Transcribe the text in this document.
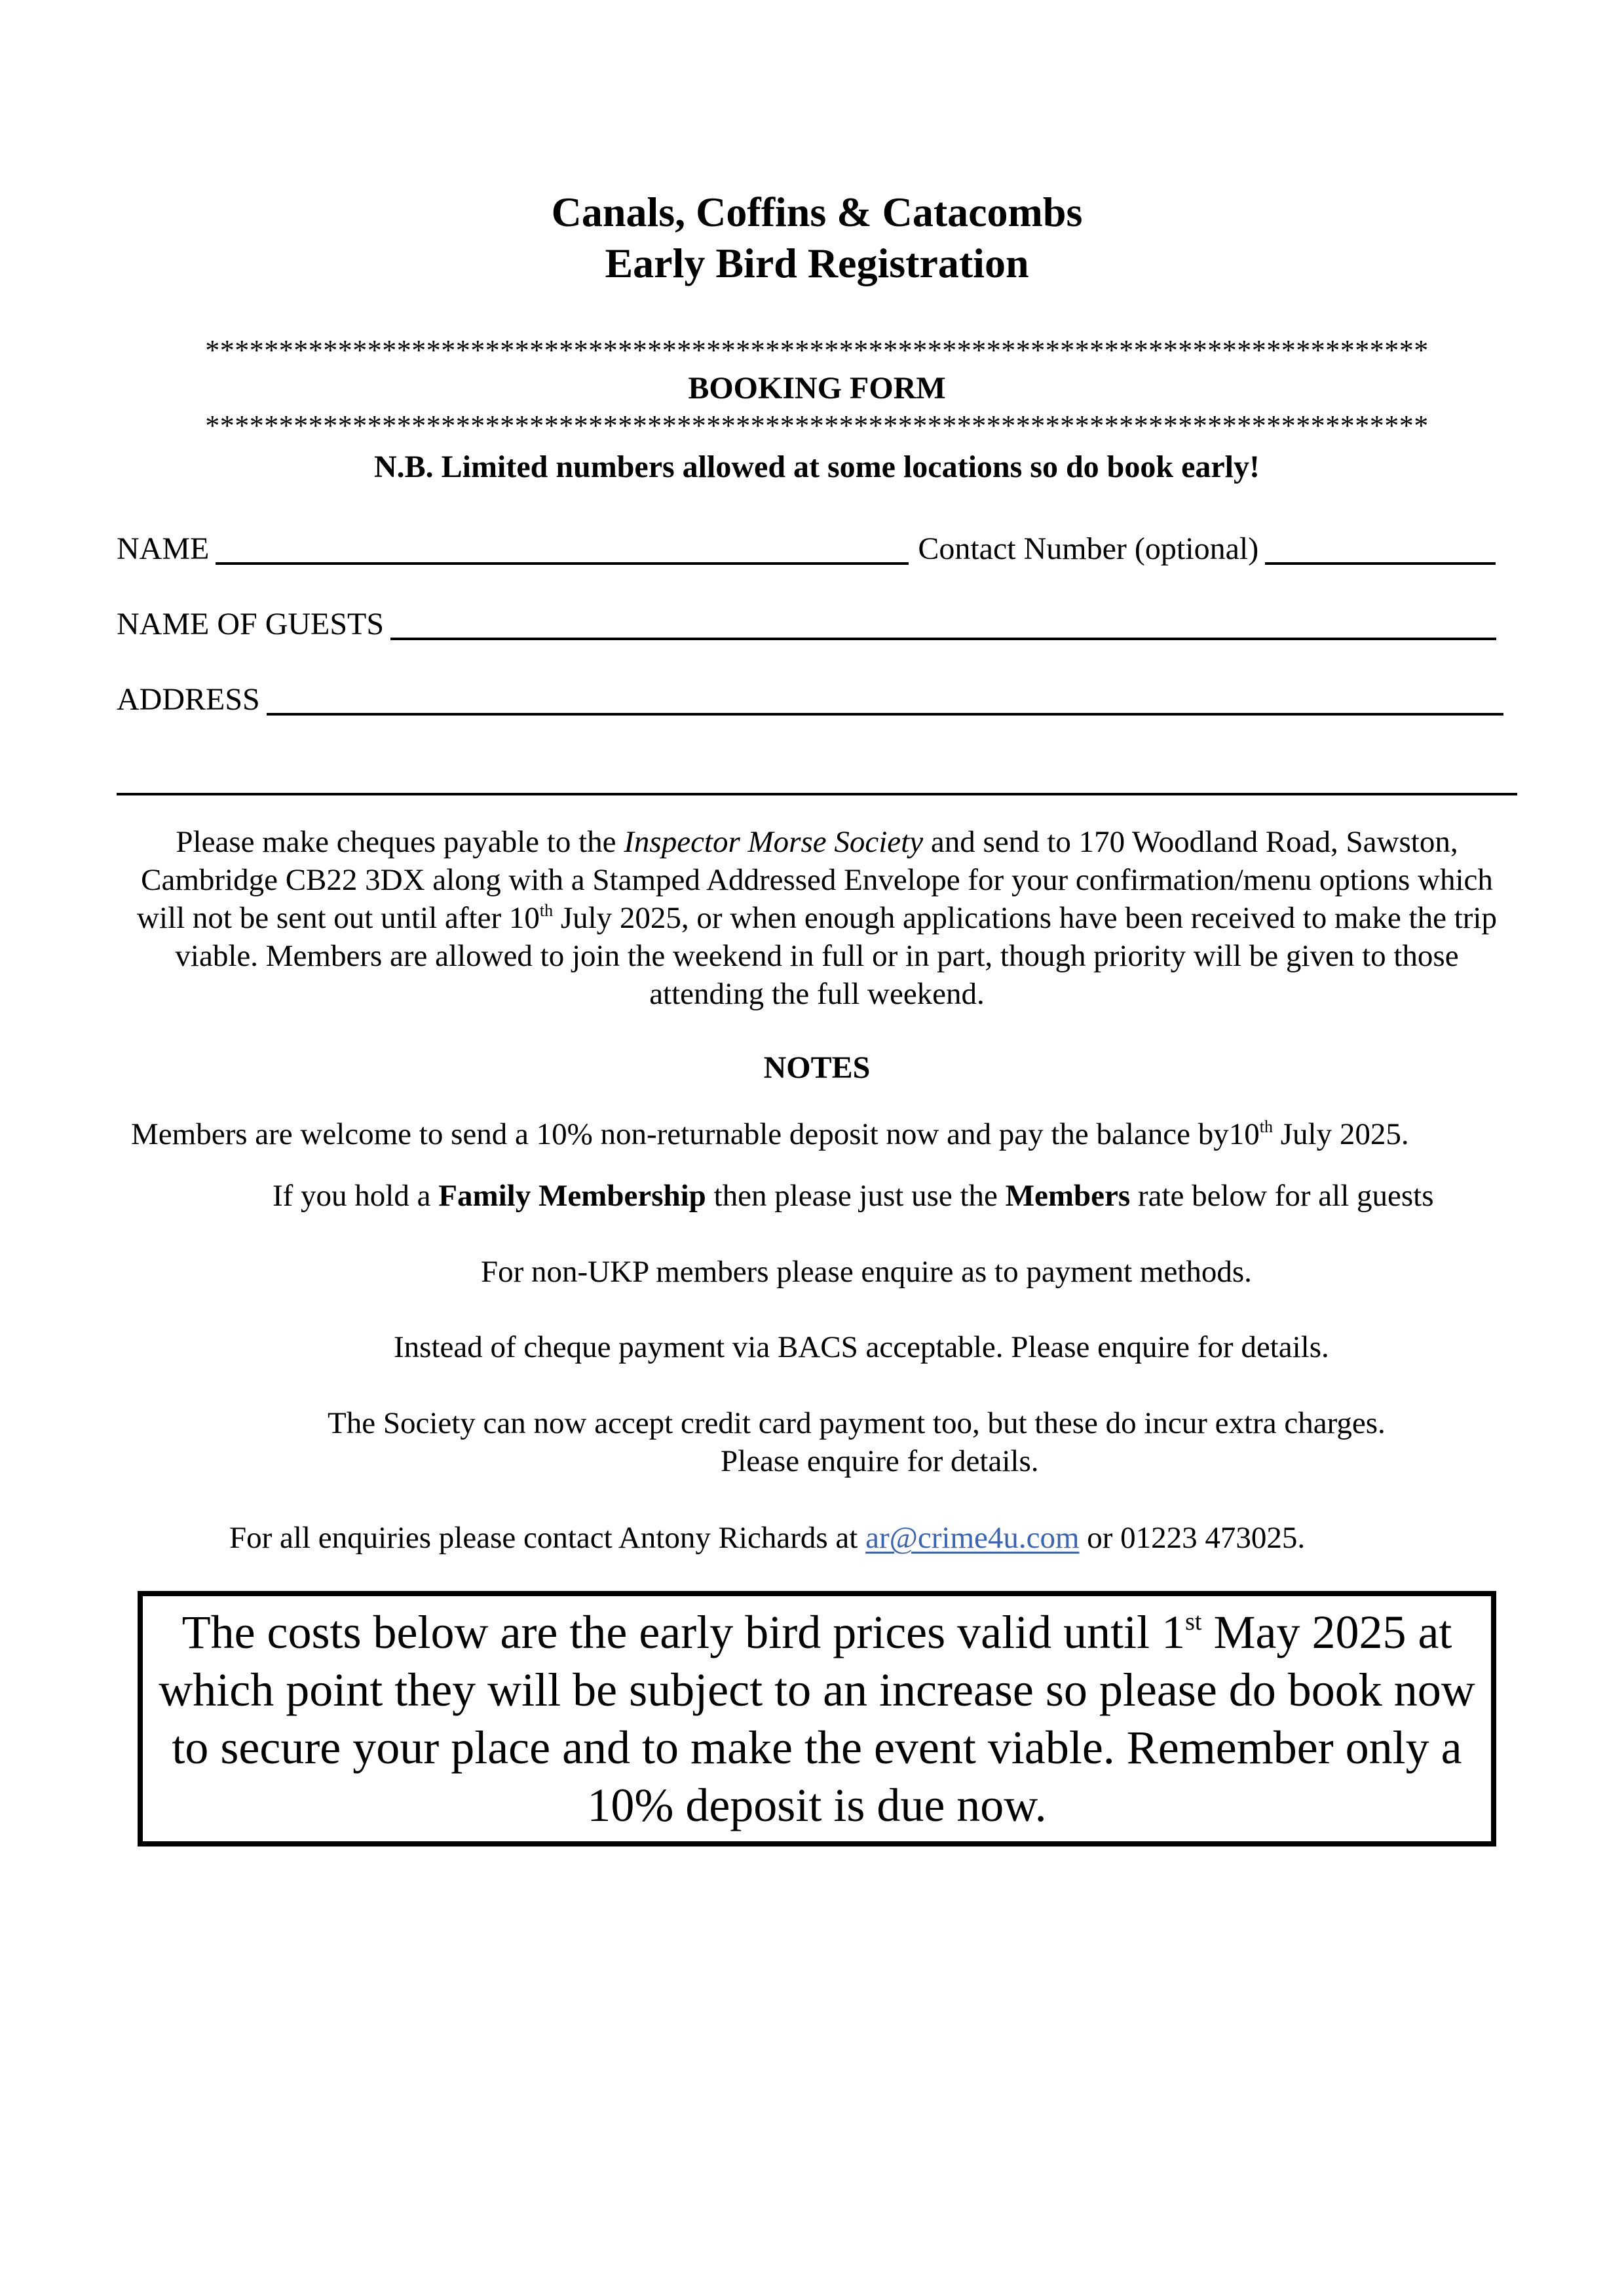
Canals, Coffins & Catacombs
Early Bird Registration
***********************************************************************************
BOOKING FORM
***********************************************************************************
N.B. Limited numbers allowed at some locations so do book early!
NAME	Contact Number (optional)
NAME OF GUESTS
ADDRESS
Please make cheques payable to the Inspector Morse Society and send to 170 Woodland Road, Sawston, Cambridge CB22 3DX along with a Stamped Addressed Envelope for your confirmation/menu options which will not be sent out until after 10th July 2025, or when enough applications have been received to make the trip viable. Members are allowed to join the weekend in full or in part, though priority will be given to those attending the full weekend.
NOTES
Members are welcome to send a 10% non-returnable deposit now and pay the balance by10th July 2025.
If you hold a Family Membership then please just use the Members rate below for all guests
For non-UKP members please enquire as to payment methods.
Instead of cheque payment via BACS acceptable. Please enquire for details.
The Society can now accept credit card payment too, but these do incur extra charges.
Please enquire for details.
For all enquiries please contact Antony Richards at ar@crime4u.com or 01223 473025.
The costs below are the early bird prices valid until 1st May 2025 at which point they will be subject to an increase so please do book now to secure your place and to make the event viable. Remember only a 10% deposit is due now.
